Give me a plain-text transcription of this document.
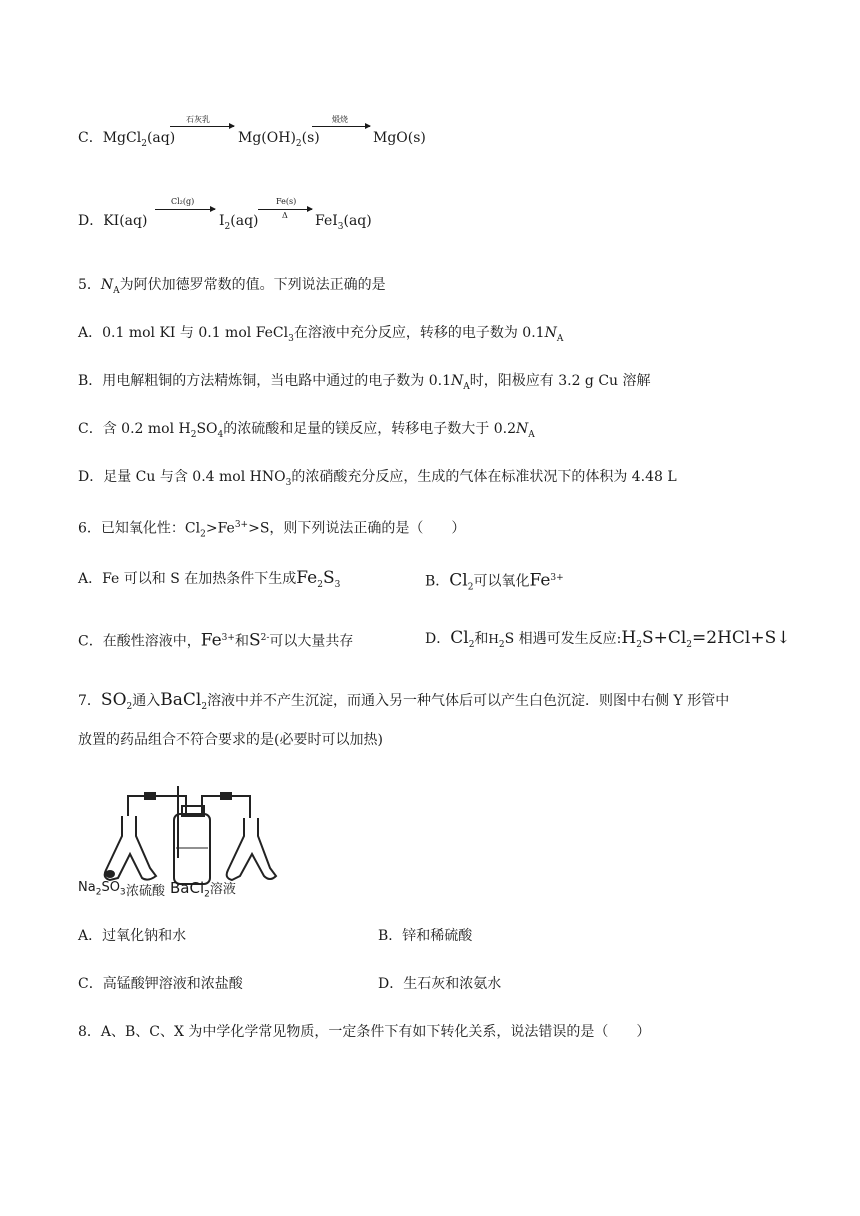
C．MgCl$_2$(aq)
石灰乳
$Mg(OH)_2(s)$
煅烧
MgO(s)
D．KI(aq)
Cl₂(g)
$I_2(aq)$
Fe(s)
Δ FeI$_3$(aq)
5．$N_A$为阿伏加德罗常数的值。下列说法正确的是
A．0.1 mol KI 与 0.1 mol FeCl$_3$在溶液中充分反应，转移的电子数为 $0.1N_A$
B．用电解粗铜的方法精炼铜，当电路中通过的电子数为 $0.1N_A$时，阳极应有 3.2 g Cu 溶解
C．含 0.2 mol $H_2SO_4$的浓硫酸和足量的镁反应，转移电子数大于 $0.2N_A$
D．足量 Cu 与含 0.4 mol $HNO_3$的浓硝酸充分反应，生成的气体在标准状况下的体积为 4.48 L
6．已知氧化性：$Cl_2>Fe^{3+}>S$，则下列说法正确的是（　　）
A．Fe 可以和 S 在加热条件下生成$Fe_2S_3$	B．$Cl_2$可以氧化$Fe^{3+}$
C．在酸性溶液中，$Fe^{3+}$和$S^{2-}$可以大量共存	D．$Cl_2$和$H_2S$ 相遇可发生反应$:H_2S+Cl_2=2HCl+S↓$
7．$SO_2$通入BaCl$_2$溶液中并不产生沉淀，而通入另一种气体后可以产生白色沉淀．则图中右侧 Y 形管中
放置的药品组合不符合要求的是(必要时可以加热)
$Na_2SO_3$ 浓硫酸 BaCl$_2$溶液
A．过氧化钠和水	B．锌和稀硫酸
C．高锰酸钾溶液和浓盐酸	D．生石灰和浓氨水
8．A、B、C、X 为中学化学常见物质，一定条件下有如下转化关系，说法错误的是（　　）
